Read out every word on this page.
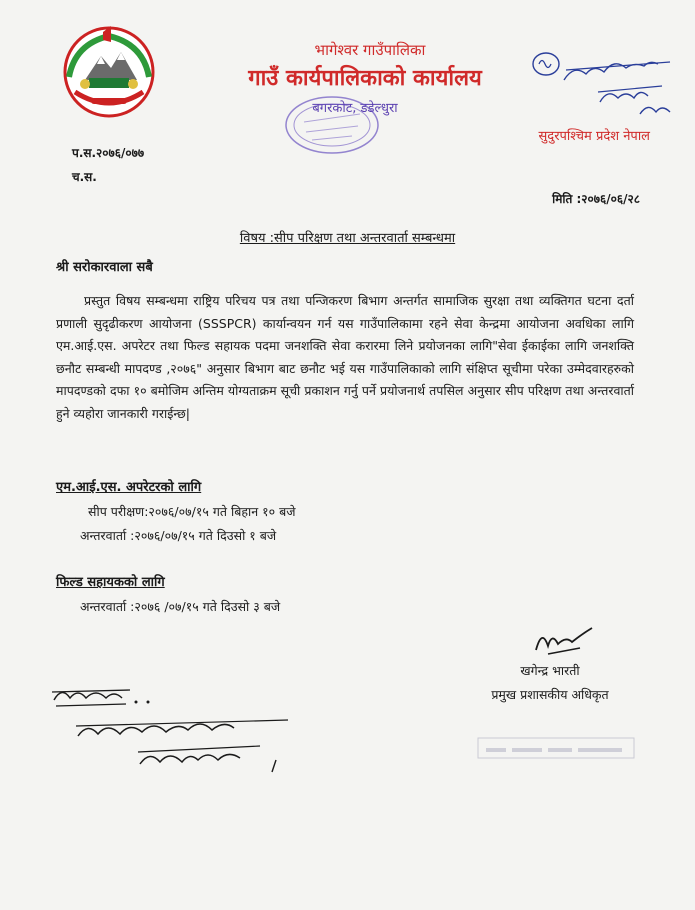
भागेश्वर गाउँपालिका
गाउँ कार्यपालिकाको कार्यालय
बगरकोट, डडेल्धुरा
सुदुरपश्चिम प्रदेश नेपाल
प.स.२०७६/०७७
च.स.
मिति :२०७६/०६/२८
विषय :सीप परिक्षण तथा अन्तरवार्ता सम्बन्धमा
श्री सरोकारवाला सबै
प्रस्तुत विषय सम्बन्धमा राष्ट्रिय परिचय पत्र तथा पन्जिकरण बिभाग अन्तर्गत सामाजिक सुरक्षा तथा व्यक्तिगत घटना दर्ता प्रणाली सुदृढीकरण आयोजना (SSSPCR) कार्यान्वयन गर्न यस गाउँपालिकामा रहने सेवा केन्द्रमा आयोजना अवधिका लागि एम.आई.एस. अपरेटर तथा फिल्ड सहायक पदमा जनशक्ति सेवा करारमा लिने प्रयोजनका लागि"सेवा ईकाईका लागि जनशक्ति छनौट सम्बन्धी मापदण्ड ,२०७६" अनुसार बिभाग बाट छनौट भई यस गाउँपालिकाको लागि संक्षिप्त सूचीमा परेका उम्मेदवारहरुको मापदण्डको दफा १० बमोजिम अन्तिम योग्यताक्रम सूची प्रकाशन गर्नु पर्ने प्रयोजनार्थ तपसिल अनुसार सीप परिक्षण तथा अन्तरवार्ता हुने व्यहोरा जानकारी गराईन्छ|
एम.आई.एस. अपरेटरको लागि
सीप परीक्षण:२०७६/०७/१५ गते बिहान १० बजे
अन्तरवार्ता :२०७६/०७/१५ गते दिउसो १ बजे
फिल्ड सहायकको लागि
अन्तरवार्ता :२०७६ /०७/१५ गते दिउसो ३ बजे
खगेन्द्र भारती
प्रमुख प्रशासकीय अधिकृत
